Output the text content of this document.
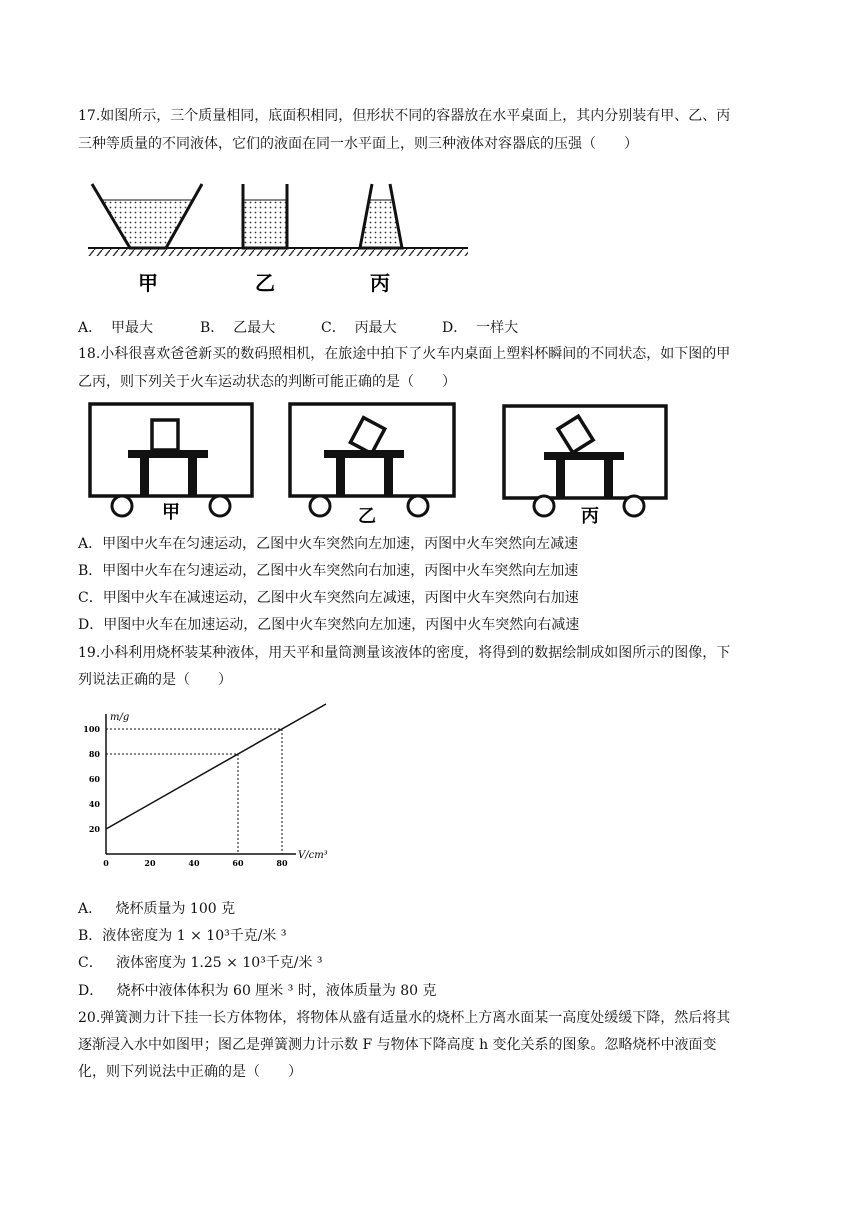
17.如图所示，三个质量相同，底面积相同，但形状不同的容器放在水平桌面上，其内分别装有甲、乙、丙
三种等质量的不同液体，它们的液面在同一水平面上，则三种液体对容器底的压强（　　）
甲	乙	丙
A． 甲最大	B． 乙最大	C． 丙最大	D． 一样大
18.小科很喜欢爸爸新买的数码照相机，在旅途中拍下了火车内桌面上塑料杯瞬间的不同状态，如下图的甲
乙丙，则下列关于火车运动状态的判断可能正确的是（　　）
甲	乙	丙
A．甲图中火车在匀速运动，乙图中火车突然向左加速，丙图中火车突然向左减速
B．甲图中火车在匀速运动，乙图中火车突然向右加速，丙图中火车突然向左加速
C．甲图中火车在减速运动，乙图中火车突然向左减速，丙图中火车突然向右加速
D．甲图中火车在加速运动，乙图中火车突然向左加速，丙图中火车突然向右减速
19.小科利用烧杯装某种液体，用天平和量筒测量该液体的密度，将得到的数据绘制成如图所示的图像，下
列说法正确的是（　　）
V/cm³
m/g
0	20	40	60	80
20
40
60
80
100
A． 烧杯质量为 100 克
B．液体密度为 1 × 10³千克/米 ³
C． 液体密度为 1.25 × 10³千克/米 ³
D． 烧杯中液体体积为 60 厘米 ³ 时，液体质量为 80 克
20.弹簧测力计下挂一长方体物体，将物体从盛有适量水的烧杯上方离水面某一高度处缓缓下降，然后将其
逐渐浸入水中如图甲；图乙是弹簧测力计示数 F 与物体下降高度 h 变化关系的图象。忽略烧杯中液面变
化，则下列说法中正确的是（　　）
